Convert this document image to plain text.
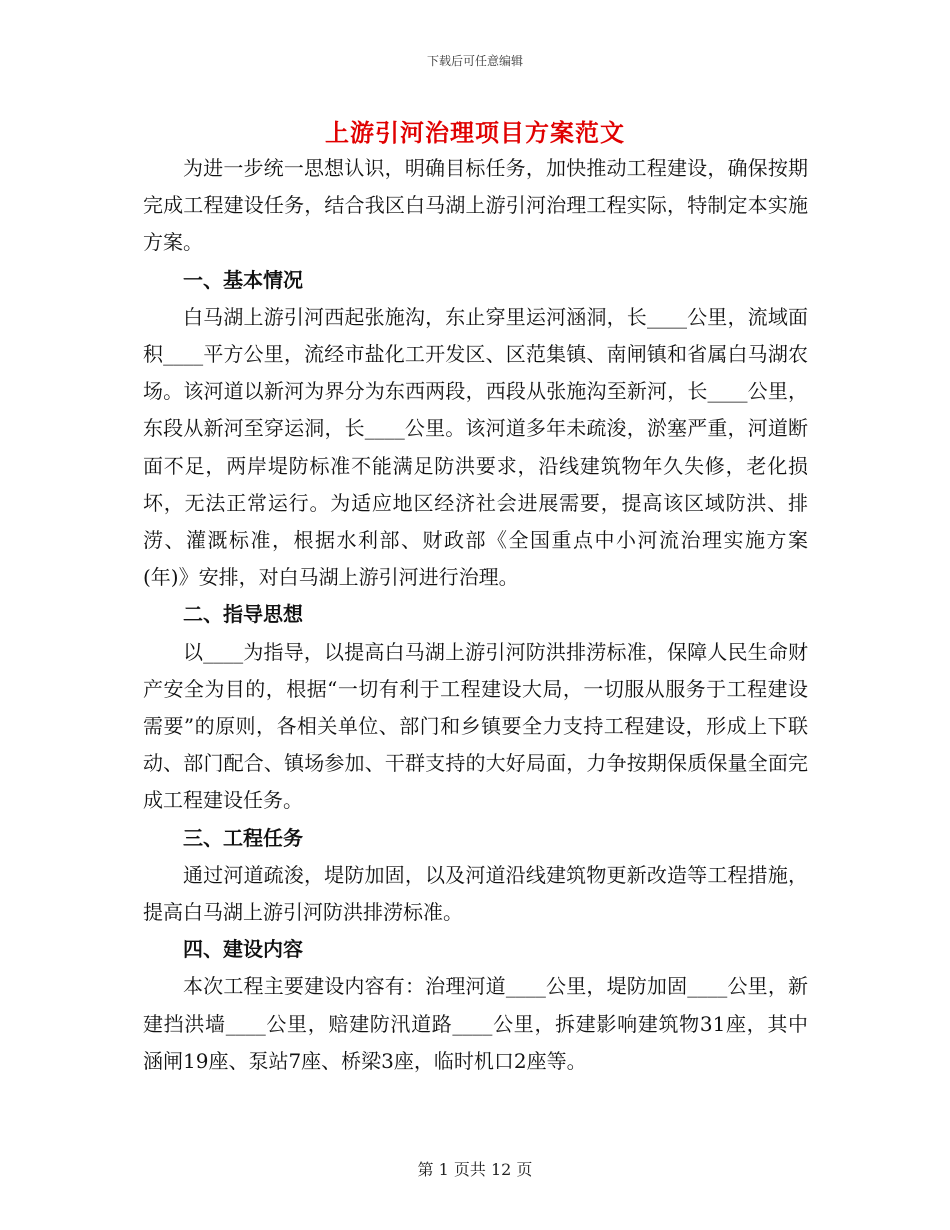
下载后可任意编辑
上游引河治理项目方案范文

为进一步统一思想认识，明确目标任务，加快推动工程建设，确保按期完成工程建设任务，结合我区白马湖上游引河治理工程实际，特制定本实施方案。

一、基本情况

白马湖上游引河西起张施沟，东止穿里运河涵洞，长____公里，流域面积____平方公里，流经市盐化工开发区、区范集镇、南闸镇和省属白马湖农场。该河道以新河为界分为东西两段，西段从张施沟至新河，长____公里，东段从新河至穿运洞，长____公里。该河道多年未疏浚，淤塞严重，河道断面不足，两岸堤防标准不能满足防洪要求，沿线建筑物年久失修，老化损坏，无法正常运行。为适应地区经济社会进展需要，提高该区域防洪、排涝、灌溉标准，根据水利部、财政部《全国重点中小河流治理实施方案(年)》安排，对白马湖上游引河进行治理。

二、指导思想

以____为指导，以提高白马湖上游引河防洪排涝标准，保障人民生命财产安全为目的，根据“一切有利于工程建设大局，一切服从服务于工程建设需要”的原则，各相关单位、部门和乡镇要全力支持工程建设，形成上下联动、部门配合、镇场参加、干群支持的大好局面，力争按期保质保量全面完成工程建设任务。

三、工程任务

通过河道疏浚，堤防加固，以及河道沿线建筑物更新改造等工程措施，提高白马湖上游引河防洪排涝标准。

四、建设内容

本次工程主要建设内容有：治理河道____公里，堤防加固____公里，新建挡洪墙____公里，赔建防汛道路____公里，拆建影响建筑物31座，其中涵闸19座、泵站7座、桥梁3座，临时机口2座等。

第 1 页共 12 页
